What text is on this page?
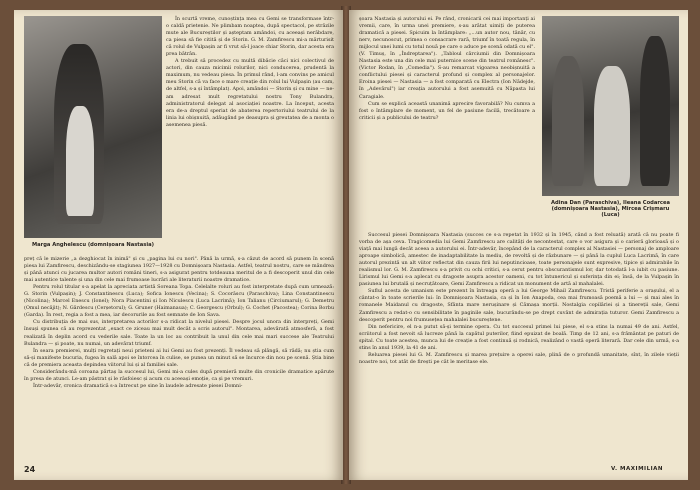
Marga Anghelescu (domnișoara Nastasia)

În scurtă vreme, cunoștința mea cu Gemi se transformase într-o caldă prietenie. Ne plimbam noaptea, după spectacol, pe străzile mute ale Bucureștilor și așteptam amândoi, cu aceeași nerăbdare, ca piesa să fie citită și de Storin. G. M. Zamfirescu mi-a mărturisit că rolul de Vulpașin ar fi vrut să-l joace chiar Storin, dar acesta era prea bătrân.

A trebuit să procedez cu multă dibăcie căci nici colectivul de actori, din cauza micimii rolurilor, nici conducerea, prudentă la maximum, nu vedeau piesa. În primul rând, l-am convins pe amicul meu Storin că va face o mare creație din rolul lui Vulpașin (au cam, de altfel, s-a și întâmplat). Apoi, amândoi — Storin și cu mine — ne-am adresat mult regretatului nostru Tony Bulandra, administratorul delegat al asociației noastre. La început, acesta era de-a dreptul speriat de abaterea repertoriului teatrului de la linia lui obișnuită, adăugând pe deasupra și greutatea de a monta o asemenea piesă.

preț că le mizerie „a dezghiocat în inimă" și cu „pagina lui cu nori". Până la urmă, s-a căzut de acord să punem în scenă piesa lui Zamfirescu, deschizându-se stagiunea 1927—1928 cu Domnișoara Nastasia. Astfel, teatrul nostru, care se mândrea și până atunci cu jucarea multor autori români tineri, s-a asigurat pentru totdeauna meritul de a fi descoperit unul din cele mai autentice talente și una din cele mai frumoase lucrări ale literaturii noastre dramatice.

Pentru rolul titular s-a apelat la apreciata artistă Soreana Topa. Celelalte roluri au fost interpretate după cum urmează: G. Storin (Vulpașin); J. Constantinescu (Luca); Sofica Ionescu (Vecina); S. Cocorăscu (Paraschiva); Lina Constantinescu (Nicolina); Marcel Enescu (Ionel); Nora Piacentini și Ion Niculescu (Luca Lacrimă); Ion Talianu (Circiumarul); G. Demetru (Omul necăjit); N. Gărdescu (Cerșetorul); G. Gruner (Haimanaua); C. Georgescu (Orbul); G. Cochet (Pacostea); Corina Borbu (Garda). În rest, regia a fost a mea, iar decorurile au fost semnate de Ion Sava.

Cu distribuția de mai sus, interpretarea actorilor s-a ridicat la nivelul piesei. Despre jocul unora din interpreți, Gemi însuși spunea că au reprezentat „exact ce ziceau mai mult decât a scris autorul". Montarea, adevărată atmosferă, a fost realizată în deplin acord cu vederile sale. Toate la un loc au contribuit la unul din cele mai mari succese ale Teatrului Bulandra — și poate, nu numai, un adevărat triumf.

În seara premierei, mulți regretați neui prieteni ai lui Gemi au fost prezenți. Îl vedeau să plângă, să râdă; nu știa cum să-și manifeste bucuria, fugea în sală apoi se întorcea în culise, se punea un minut să se încurce din nou pe scenă. Știa bine că de premiera aceasta depindea viitorul lui și al familiei sale.

Considerându-mă coroana pârtaș la succesul lui, Gemi mi-a cules după premieră multe din cronicile dramatice apărute în presa de atunci. Le-am păstrat și le răsfoiesc și acum cu aceeași emoție, ca și pe vremuri.

Într-adevăr, cronica dramatică s-a întrecut pe sine în laudele adresate piesei Domni-

24

șoara Nastasia și autorului ei. Pe rând, cronicarii cei mai importanți ai vremii, care, în urma unei premiere, s-au arătat uimiți de puterea dramatică a piesei. Spicuim la întâmplare: „...un autor nou, tânăr, cu nerv, necunoscut, primea o consacrare rară, triumf în toată regula, în mijlocul unei lumi cu totul nouă pe care o aduce pe scenă odată cu el". (V. Timuș, în „Îndreptarea"). „Tabloul cârciumii din Domnișoara Nastasia este una din cele mai puternice scene din teatrul românesc". (Victor Rodan, în „Comedia"). S-au remarcat vigoarea neobișnuită a conflictului piesei și caracterul profund și complex al personajelor. Eroina piesei — Nastasia — a fost comparată cu Electra (Ion Nădejde, în „Adevărul") iar creația autorului a fost asemuită cu Năpasta lui Caragiale.

Cum se explică această unanimă aprecire favorabilă? Nu cumva a fost o întâmplare de moment, un fel de pasiune facilă, trecătoare a criticii și a publicului de teatru?

Adina Dan (Paraschiva), Ileana Codarcea (domnișoara Nastasia), Mircea Crișmaru (Luca)

Succesul piesei Domnișoara Nastasia (succes ce s-a repetat în 1932 și în 1945, când a fost reluată) arată că nu poate fi vorba de așa ceva. Tragicomedia lui Gemi Zamfirescu are calități de necontestat, care o vor asigura și o carieră glorioasă și o viață mai lungă decât aceea a autorului ei. Într-adevăr, începând de la caracterul complex al Nastasiei — personaj de amploare aproape simbolică, amestec de inadaptabilitate la mediu, de revoltă și de răzbunare — și până la cuplul Luca Lacrimă, în care autorul prezintă un alt viitor reflectat din cauza firii lui neputincioase, toate personajele sunt expresive, tipice și admirabile în realismul lor. G. M. Zamfirescu s-a privit cu ochi critici, s-a cerut pentru obscurantismul lor, dar totodată l-a iubit cu pasiune. Lirismul lui Gemi s-a aplecat cu dragoste asupra acestor oameni, cu tot întunericul și suferința din ei; însă, de la Vulpașin în pasiunea lui brutală și necruțătoare, Gemi Zamfirescu a ridicat un monument de artă al mahalalei.

Suflul acesta de umanism este prezent în întreaga operă a lui George Mihail Zamfirescu. Tristă periferie a orașului, el a cântat-o în toate scrierile lui: în Domnișoara Nastasia, ca și în Ion Anapoda, cea mai frumoasă poemă a lui — și mai ales în romanele Maidanul cu dragoste, Sfânta mare nerușinare și Cămașa morții. Nostalgia copilăriei și a tinereții sale, Gemi Zamfirescu a redat-o cu sensibilitate în paginile sale, bucurându-se pe drept cuvânt de admirația tuturor. Gemi Zamfirescu a descoperit pentru noi frumusețea mahalalei bucureștene.

Din nefericire, el n-a putut să-și termine opera. Cu tot succesul primei lui piese, el s-a stins la numai 49 de ani. Astfel, scriitorul a fost nevoit să lucreze până la capătul puterilor, fiind epuizat de boală. Timp de 12 ani, s-a frământat pe paturi de spital. Cu toate acestea, munca lui de creație a fost continuă și rodnică, realizând o vastă operă literară. Dar cele din urmă, s-a stins în anul 1939, la 41 de ani.

Reluarea piesei lui G. M. Zamfirescu și marea prețuire a operei sale, plină de o profundă umanitate, sînt, în zilele vieții noastre noi, tot atât de firești pe cât le meritase ele.

V. MAXIMILIAN
